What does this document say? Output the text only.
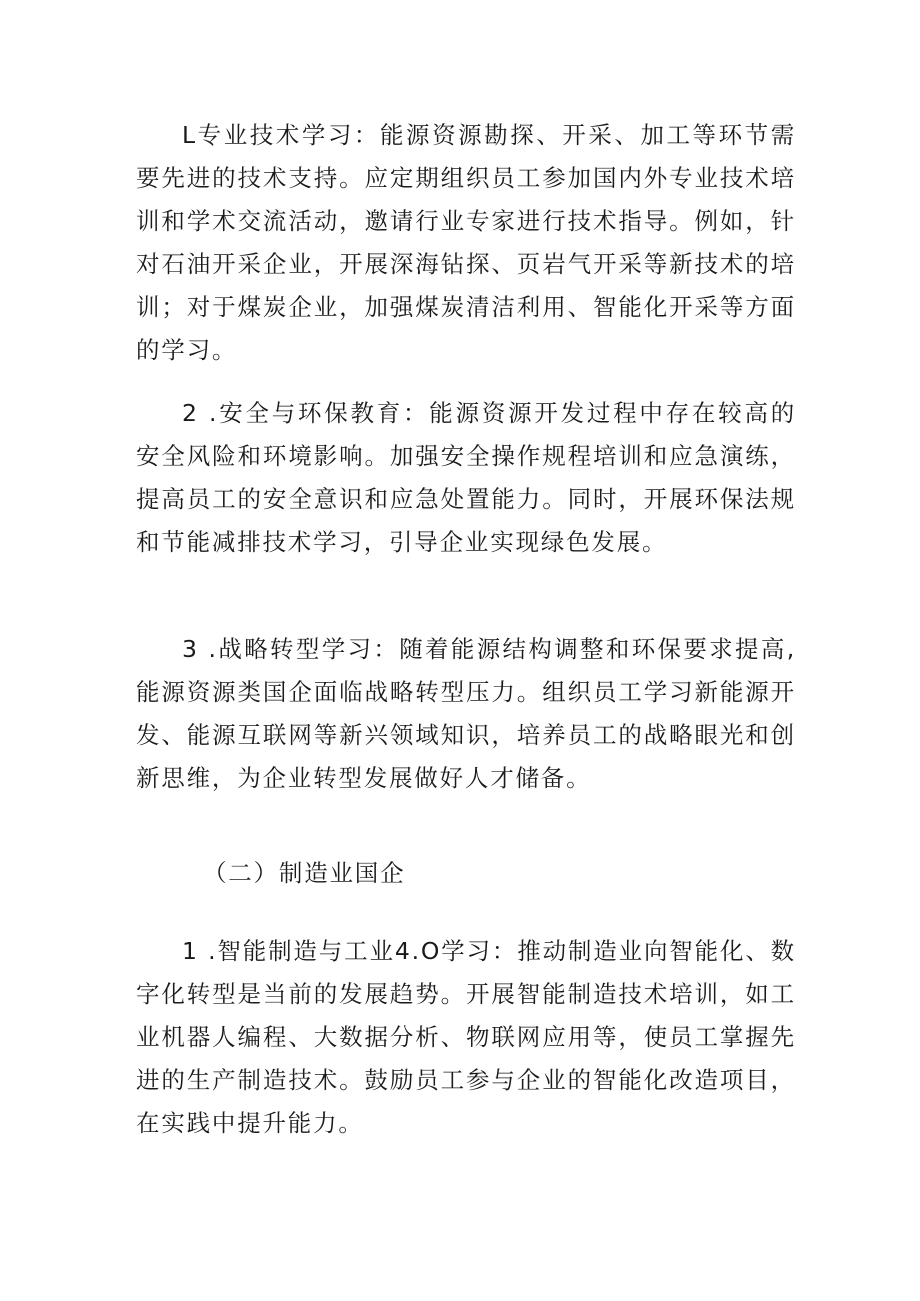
L专业技术学习：能源资源勘探、开采、加工等环节需要先进的技术支持。应定期组织员工参加国内外专业技术培训和学术交流活动，邀请行业专家进行技术指导。例如，针对石油开采企业，开展深海钻探、页岩气开采等新技术的培训；对于煤炭企业，加强煤炭清洁利用、智能化开采等方面的学习。

2 .安全与环保教育：能源资源开发过程中存在较高的安全风险和环境影响。加强安全操作规程培训和应急演练，提高员工的安全意识和应急处置能力。同时，开展环保法规和节能减排技术学习，引导企业实现绿色发展。

3 .战略转型学习：随着能源结构调整和环保要求提高,能源资源类国企面临战略转型压力。组织员工学习新能源开发、能源互联网等新兴领域知识，培养员工的战略眼光和创新思维，为企业转型发展做好人才储备。

（二）制造业国企

1 .智能制造与工业4.O学习：推动制造业向智能化、数字化转型是当前的发展趋势。开展智能制造技术培训，如工业机器人编程、大数据分析、物联网应用等，使员工掌握先进的生产制造技术。鼓励员工参与企业的智能化改造项目，在实践中提升能力。
